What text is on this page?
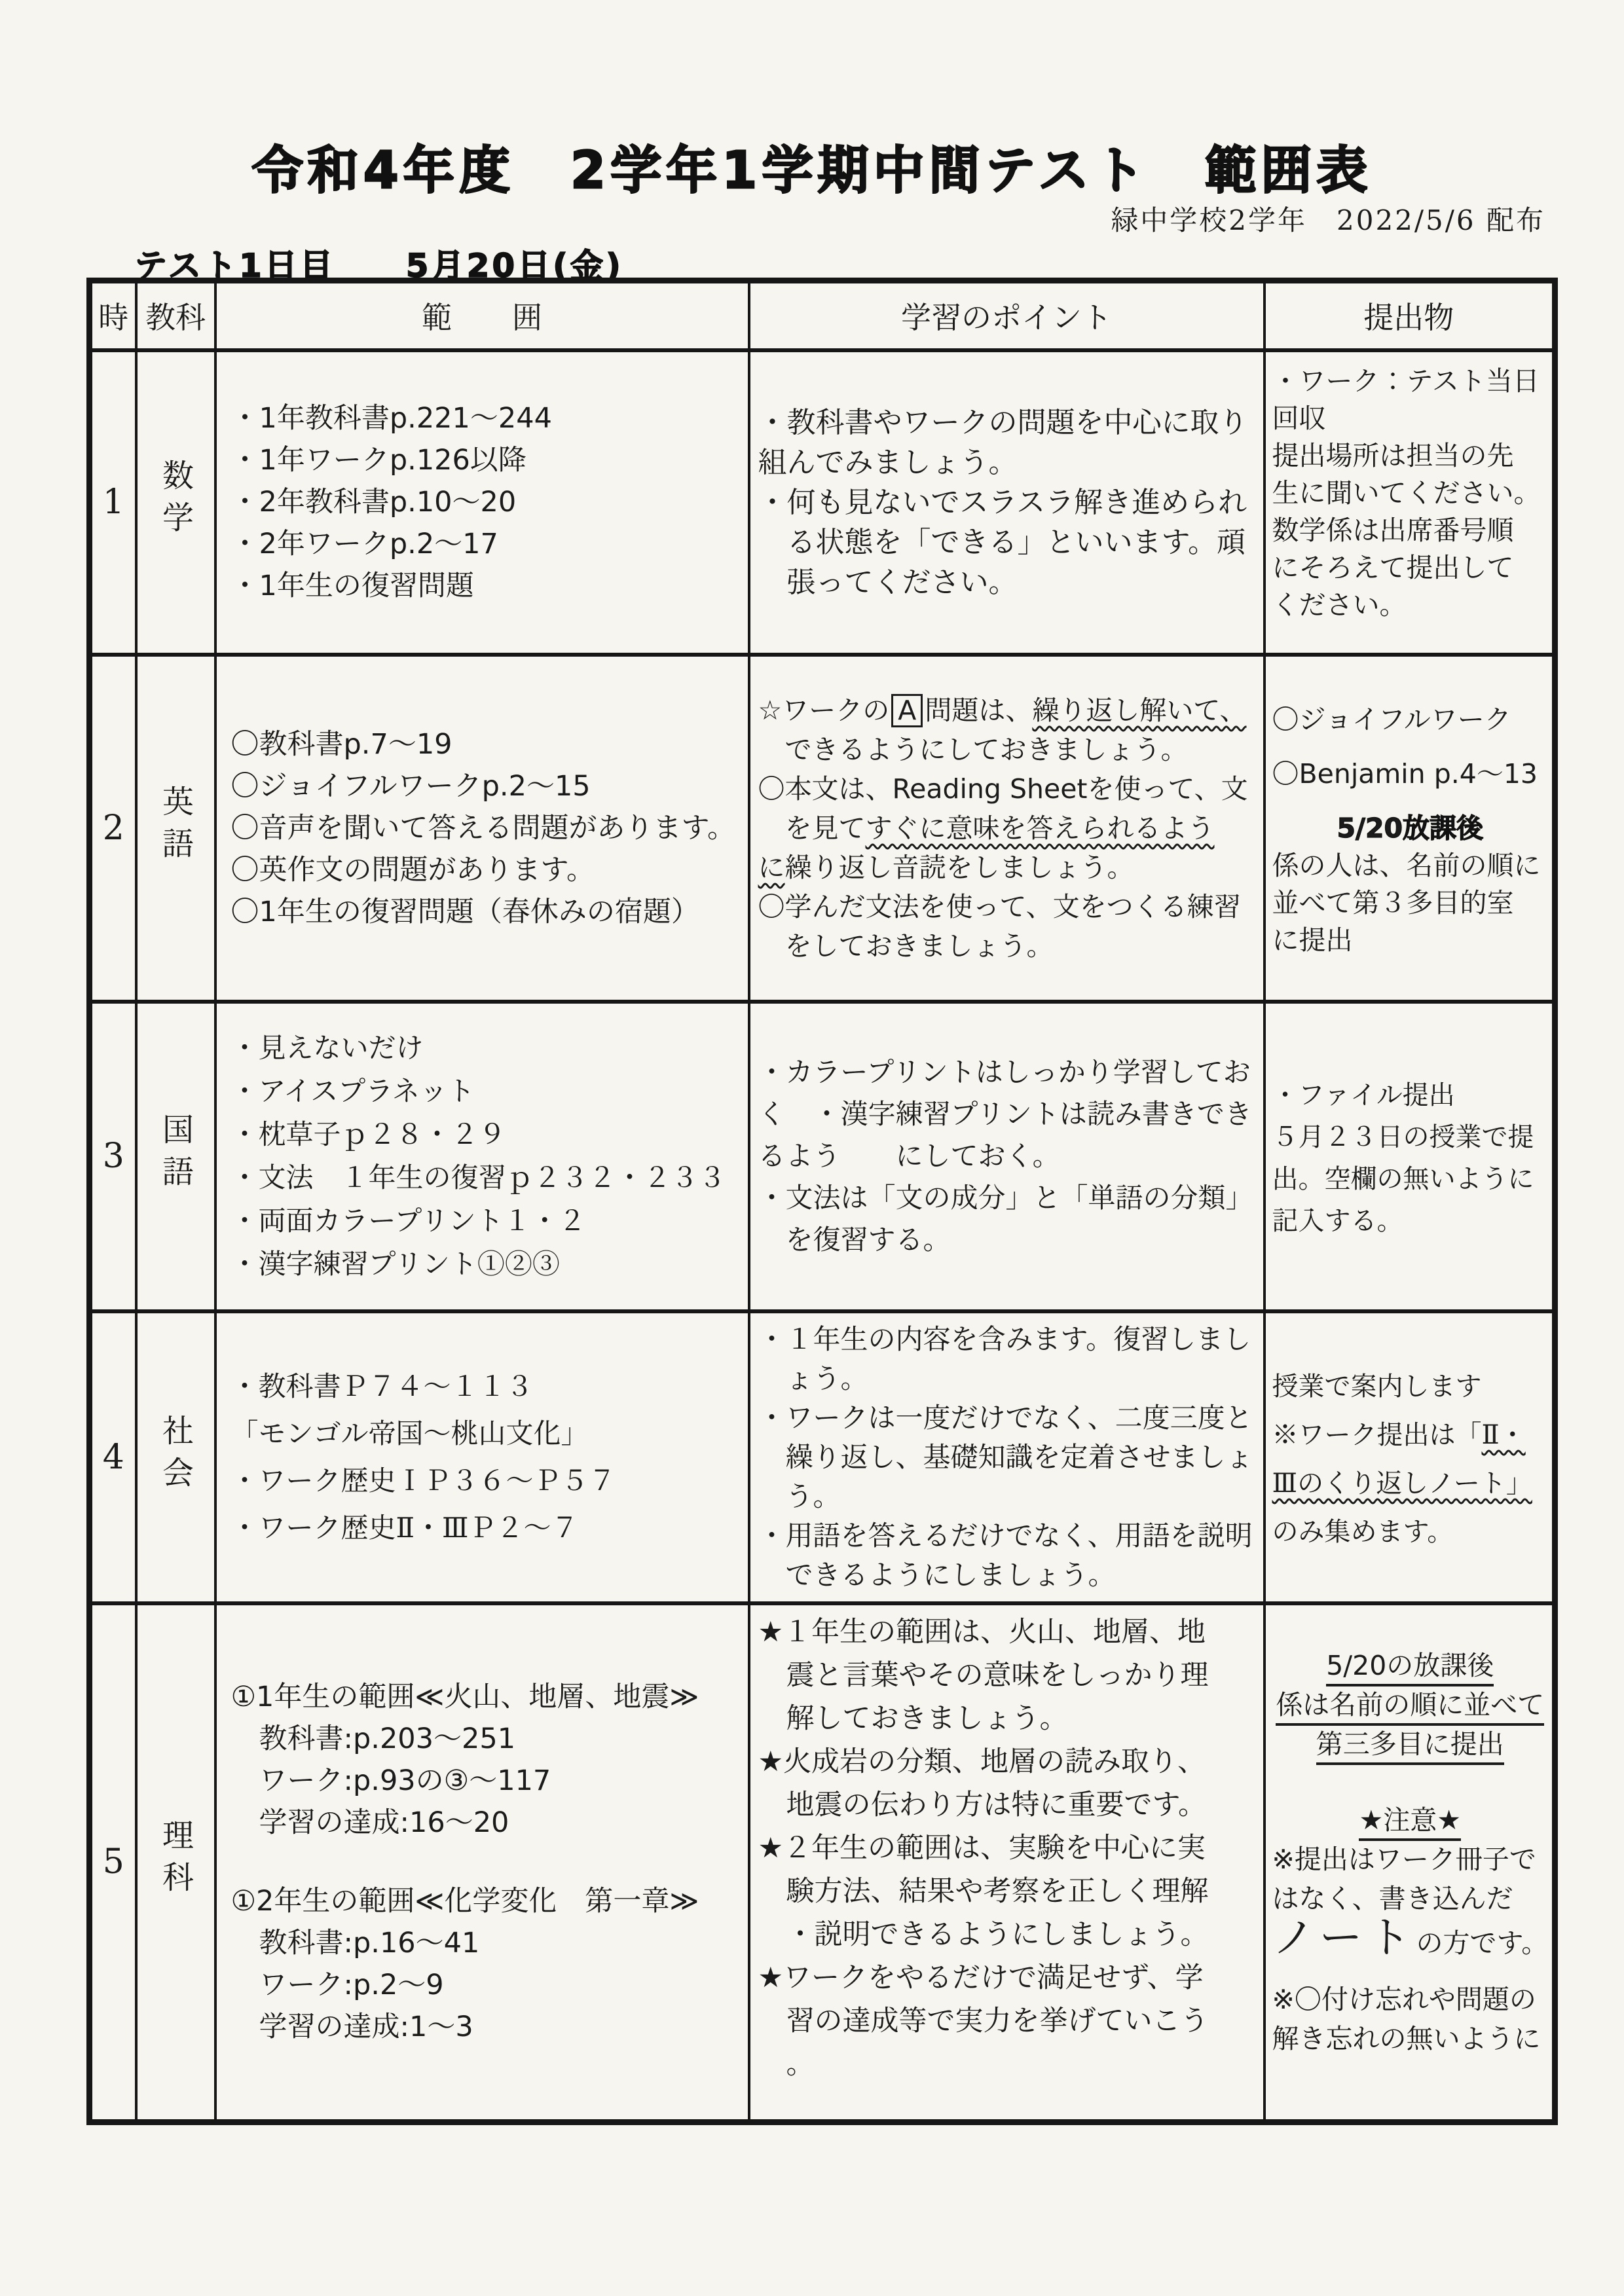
令和4年度　2学年1学期中間テスト　範囲表
緑中学校2学年　2022/5/6 配布
テスト1日目　　5月20日(金)
時	教科	範　　囲	学習のポイント	提出物
1	数学	
・1年教科書p.221～244
・1年ワークp.126以降
・2年教科書p.10～20
・2年ワークp.2～17
・1年生の復習問題

・教科書やワークの問題を中心に取り
組んでみましょう。
・何も見ないでスラスラ解き進められ
　る状態を「できる」といいます。頑
　張ってください。

・ワーク：テスト当日
回収
提出場所は担当の先
生に聞いてください。
数学係は出席番号順
にそろえて提出して
ください。

2	英語	
〇教科書p.7～19
〇ジョイフルワークp.2～15
〇音声を聞いて答える問題があります。
〇英作文の問題があります。
〇1年生の復習問題（春休みの宿題）

☆ワークの A 問題は、繰り返し解いて、
　できるようにしておきましょう。
〇本文は、Reading Sheetを使って、文
　を見てすぐに意味を答えられるよう
に繰り返し音読をしましょう。
〇学んだ文法を使って、文をつくる練習
　をしておきましょう。

〇ジョイフルワーク
〇Benjamin p.4～13
5/20放課後
係の人は、名前の順に
並べて第３多目的室
に提出

3	国語	
・見えないだけ
・アイスプラネット
・枕草子ｐ２８・２９
・文法　１年生の復習ｐ２３２・２３３
・両面カラープリント１・２
・漢字練習プリント①②③

・カラープリントはしっかり学習してお
く　・漢字練習プリントは読み書きでき
るよう　　にしておく。
・文法は「文の成分」と「単語の分類」
　を復習する。

・ファイル提出
５月２３日の授業で提
出。空欄の無いように
記入する。

4	社会	
・教科書Ｐ７４～１１３
「モンゴル帝国～桃山文化」
・ワーク歴史ＩＰ３６～Ｐ５７
・ワーク歴史Ⅱ・ⅢＰ２～７

・１年生の内容を含みます。復習しまし
　ょう。
・ワークは一度だけでなく、二度三度と
　繰り返し、基礎知識を定着させましょ
　う。
・用語を答えるだけでなく、用語を説明
　できるようにしましょう。

授業で案内します
※ワーク提出は「Ⅱ・
Ⅲのくり返しノート」
のみ集めます。

5	理科	
①1年生の範囲≪火山、地層、地震≫
　教科書:p.203～251
　ワーク:p.93の③～117
　学習の達成:16～20
①2年生の範囲≪化学変化　第一章≫
　教科書:p.16～41
　ワーク:p.2～9
　学習の達成:1～3

★１年生の範囲は、火山、地層、地
　震と言葉やその意味をしっかり理
　解しておきましょう。
★火成岩の分類、地層の読み取り、
　地震の伝わり方は特に重要です。
★２年生の範囲は、実験を中心に実
　験方法、結果や考察を正しく理解
　・説明できるようにしましょう。
★ワークをやるだけで満足せず、学
　習の達成等で実力を挙げていこう
　。

5/20の放課後
係は名前の順に並べて
第三多目に提出
★注意★
※提出はワーク冊子で
はなく、書き込んだ
ノートの方です。
※〇付け忘れや問題の
解き忘れの無いように
